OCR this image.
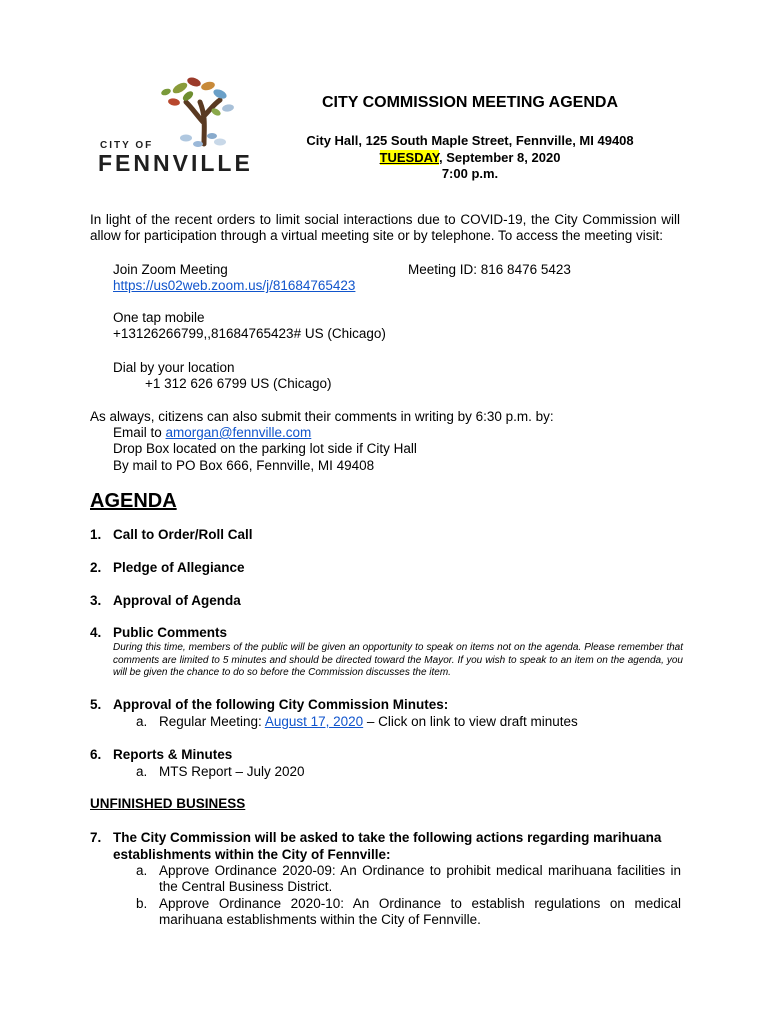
CITY OF
FENNVILLE
CITY COMMISSION MEETING AGENDA
City Hall, 125 South Maple Street, Fennville, MI 49408
TUESDAY, September 8, 2020
7:00 p.m.
In light of the recent orders to limit social interactions due to COVID-19, the City Commission will allow for participation through a virtual meeting site or by telephone. To access the meeting visit:
Join Zoom Meeting	Meeting ID: 816 8476 5423
https://us02web.zoom.us/j/81684765423
One tap mobile
+13126266799,,81684765423# US (Chicago)
Dial by your location
+1 312 626 6799 US (Chicago)
As always, citizens can also submit their comments in writing by 6:30 p.m. by:
Email to amorgan@fennville.com
Drop Box located on the parking lot side if City Hall
By mail to PO Box 666, Fennville, MI 49408
AGENDA
1. Call to Order/Roll Call
2. Pledge of Allegiance
3. Approval of Agenda
4. Public Comments
During this time, members of the public will be given an opportunity to speak on items not on the agenda. Please remember that comments are limited to 5 minutes and should be directed toward the Mayor. If you wish to speak to an item on the agenda, you will be given the chance to do so before the Commission discusses the item.
5. Approval of the following City Commission Minutes:
a. Regular Meeting: August 17, 2020 – Click on link to view draft minutes
6. Reports & Minutes
a. MTS Report – July 2020
UNFINISHED BUSINESS
7. The City Commission will be asked to take the following actions regarding marihuana establishments within the City of Fennville:
a. Approve Ordinance 2020-09: An Ordinance to prohibit medical marihuana facilities in the Central Business District.
b. Approve Ordinance 2020-10: An Ordinance to establish regulations on medical marihuana establishments within the City of Fennville.
